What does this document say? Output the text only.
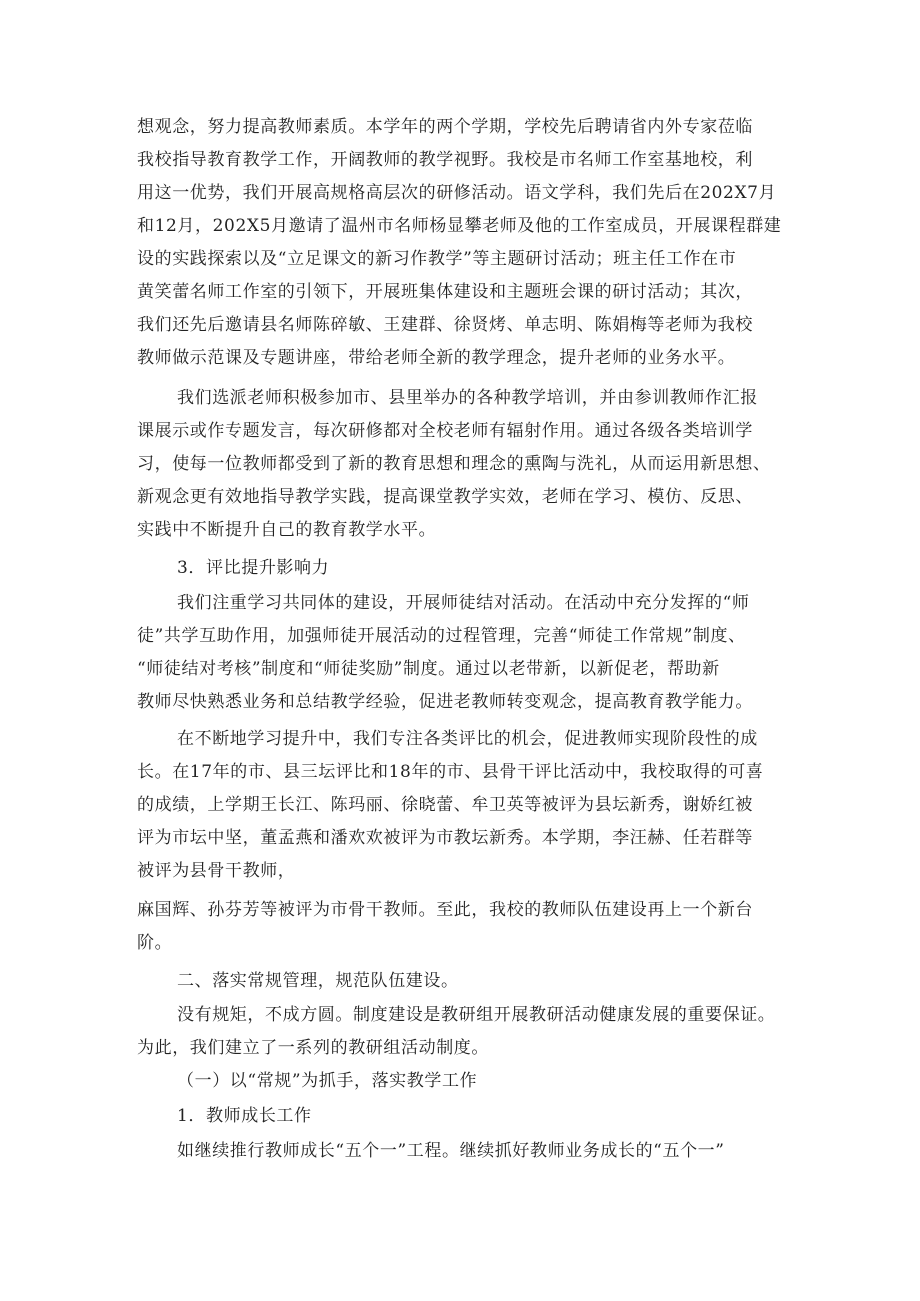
想观念，努力提高教师素质。本学年的两个学期，学校先后聘请省内外专家莅临
我校指导教育教学工作，开阔教师的教学视野。我校是市名师工作室基地校，利
用这一优势，我们开展高规格高层次的研修活动。语文学科，我们先后在202X7月
和12月，202X5月邀请了温州市名师杨显攀老师及他的工作室成员，开展课程群建
设的实践探索以及“立足课文的新习作教学”等主题研讨活动；班主任工作在市
黄笑蕾名师工作室的引领下，开展班集体建设和主题班会课的研讨活动；其次，
我们还先后邀请县名师陈碎敏、王建群、徐贤烤、单志明、陈娟梅等老师为我校
教师做示范课及专题讲座，带给老师全新的教学理念，提升老师的业务水平。
我们选派老师积极参加市、县里举办的各种教学培训，并由参训教师作汇报
课展示或作专题发言，每次研修都对全校老师有辐射作用。通过各级各类培训学
习，使每一位教师都受到了新的教育思想和理念的熏陶与洗礼，从而运用新思想、
新观念更有效地指导教学实践，提高课堂教学实效，老师在学习、模仿、反思、
实践中不断提升自己的教育教学水平。
3．评比提升影响力
我们注重学习共同体的建设，开展师徒结对活动。在活动中充分发挥的“师
徒”共学互助作用，加强师徒开展活动的过程管理，完善“师徒工作常规”制度、
“师徒结对考核”制度和“师徒奖励”制度。通过以老带新，以新促老，帮助新
教师尽快熟悉业务和总结教学经验，促进老教师转变观念，提高教育教学能力。
在不断地学习提升中，我们专注各类评比的机会，促进教师实现阶段性的成
长。在17年的市、县三坛评比和18年的市、县骨干评比活动中，我校取得的可喜
的成绩，上学期王长江、陈玛丽、徐晓蕾、牟卫英等被评为县坛新秀，谢娇红被
评为市坛中坚，董孟燕和潘欢欢被评为市教坛新秀。本学期，李汪赫、任若群等
被评为县骨干教师，
麻国辉、孙芬芳等被评为市骨干教师。至此，我校的教师队伍建设再上一个新台
阶。
二、落实常规管理，规范队伍建设。
没有规矩，不成方圆。制度建设是教研组开展教研活动健康发展的重要保证。
为此，我们建立了一系列的教研组活动制度。
（一）以“常规”为抓手，落实教学工作
1．教师成长工作
如继续推行教师成长“五个一”工程。继续抓好教师业务成长的“五个一”
